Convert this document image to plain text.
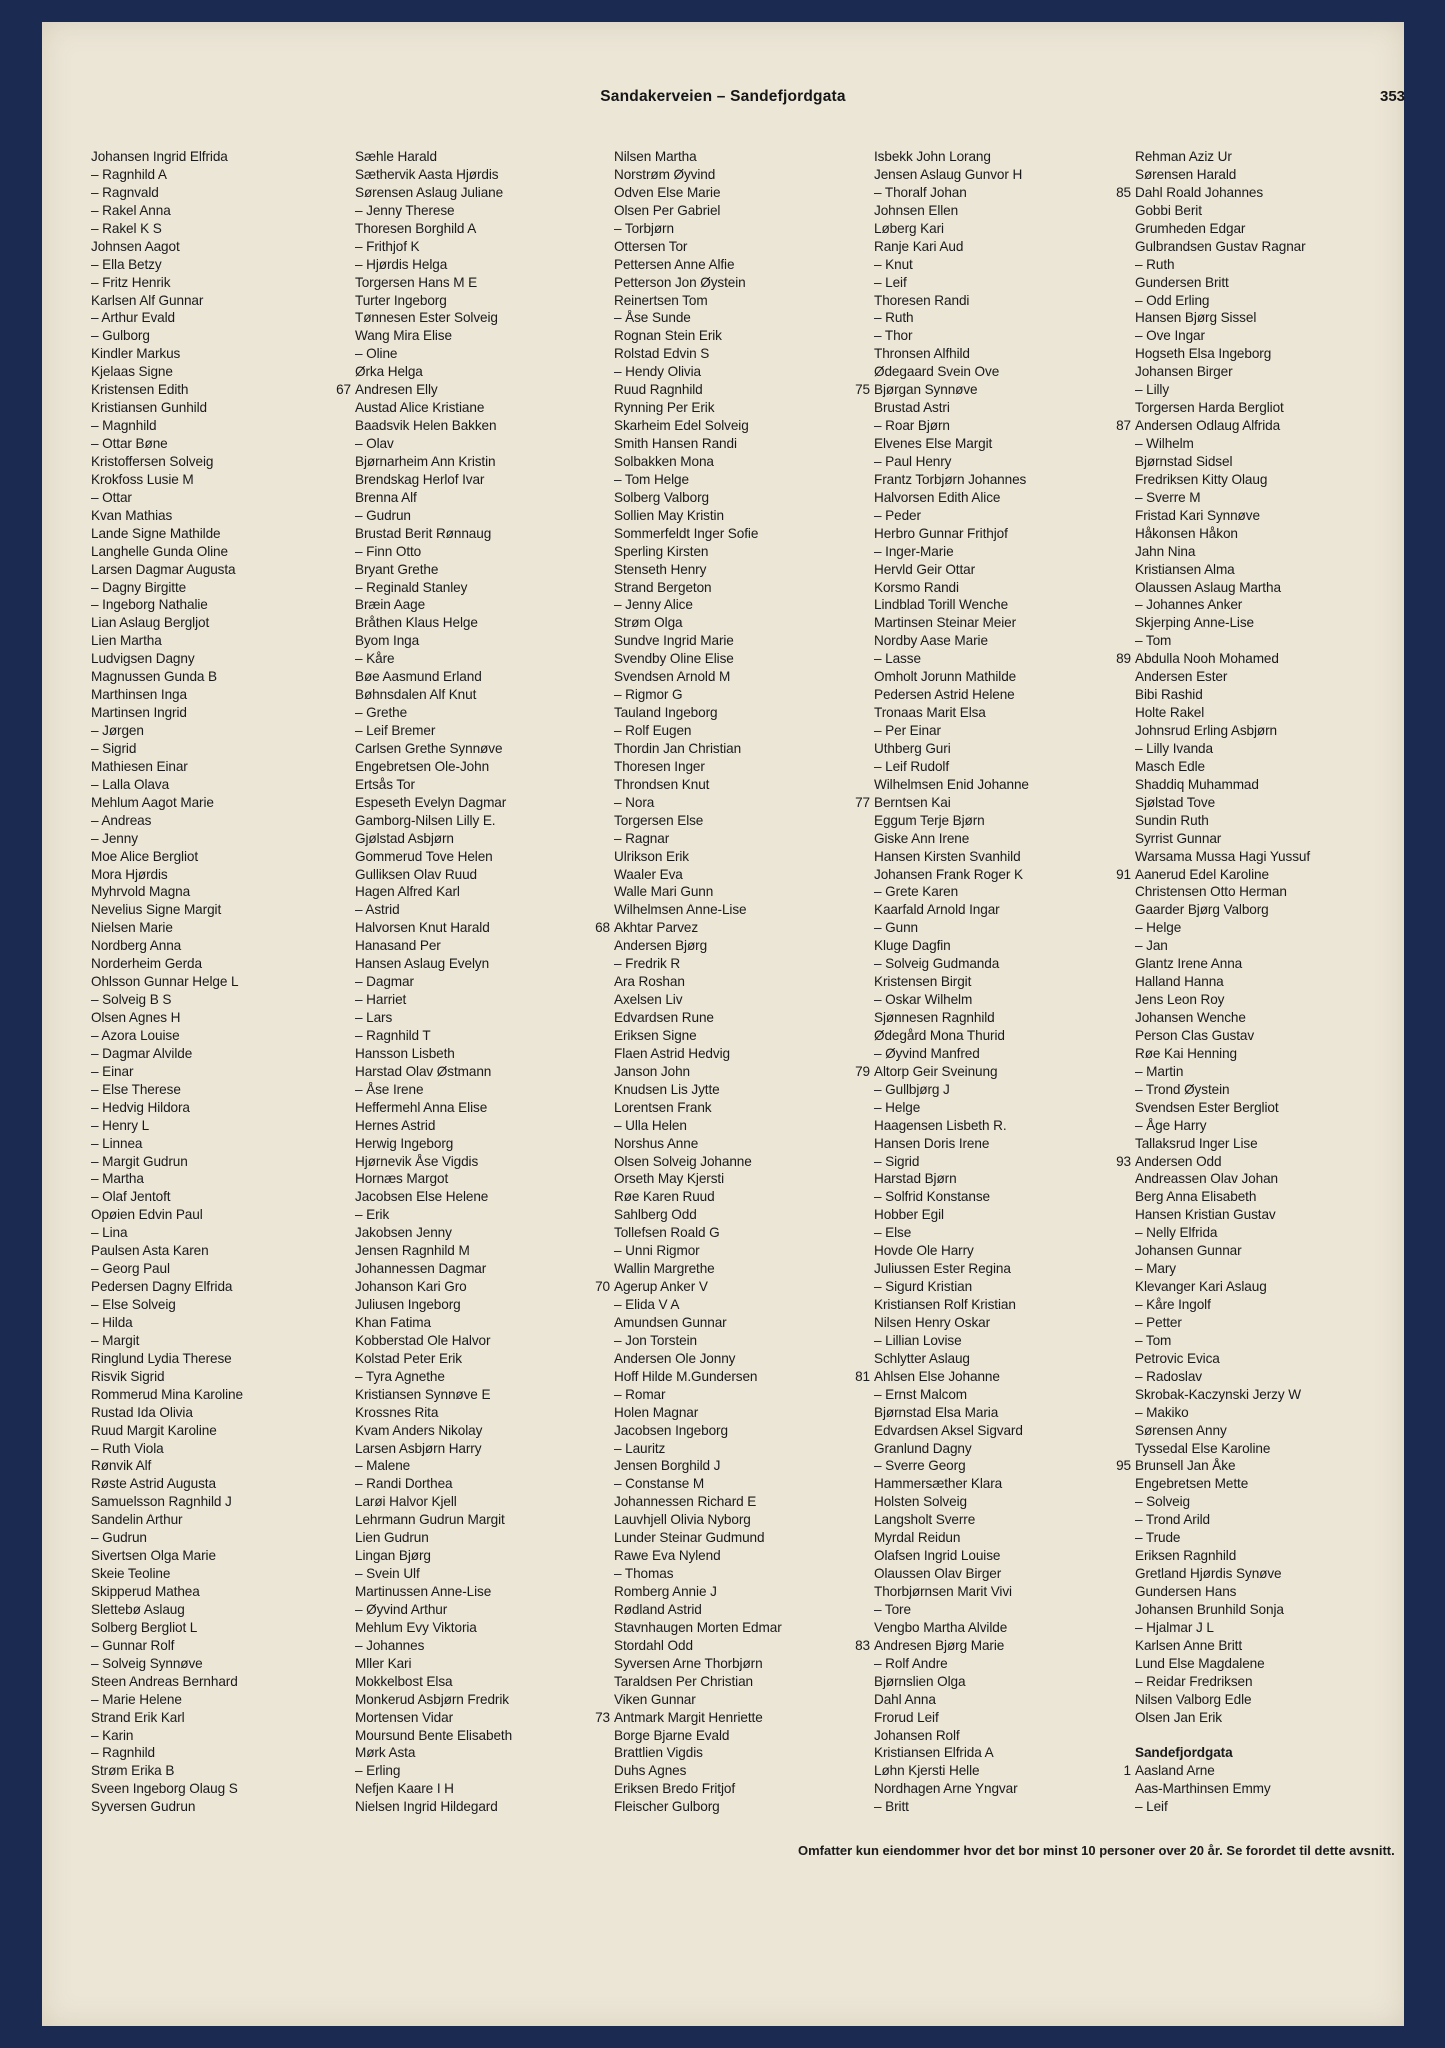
Sandakerveien – Sandefjordgata	353
Johansen Ingrid Elfrida
– Ragnhild A
– Ragnvald
– Rakel Anna
– Rakel K S
Johnsen Aagot
– Ella Betzy
– Fritz Henrik
Karlsen Alf Gunnar
– Arthur Evald
– Gulborg
Kindler Markus
Kjelaas Signe
Kristensen Edith
Kristiansen Gunhild
– Magnhild
– Ottar Bøne
Kristoffersen Solveig
Krokfoss Lusie M
– Ottar
Kvan Mathias
Lande Signe Mathilde
Langhelle Gunda Oline
Larsen Dagmar Augusta
– Dagny Birgitte
– Ingeborg Nathalie
Lian Aslaug Bergljot
Lien Martha
Ludvigsen Dagny
Magnussen Gunda B
Marthinsen Inga
Martinsen Ingrid
– Jørgen
– Sigrid
Mathiesen Einar
– Lalla Olava
Mehlum Aagot Marie
– Andreas
– Jenny
Moe Alice Bergliot
Mora Hjørdis
Myhrvold Magna
Nevelius Signe Margit
Nielsen Marie
Nordberg Anna
Norderheim Gerda
Ohlsson Gunnar Helge L
– Solveig B S
Olsen Agnes H
– Azora Louise
– Dagmar Alvilde
– Einar
– Else Therese
– Hedvig Hildora
– Henry L
– Linnea
– Margit Gudrun
– Martha
– Olaf Jentoft
Opøien Edvin Paul
– Lina
Paulsen Asta Karen
– Georg Paul
Pedersen Dagny Elfrida
– Else Solveig
– Hilda
– Margit
Ringlund Lydia Therese
Risvik Sigrid
Rommerud Mina Karoline
Rustad Ida Olivia
Ruud Margit Karoline
– Ruth Viola
Rønvik Alf
Røste Astrid Augusta
Samuelsson Ragnhild J
Sandelin Arthur
– Gudrun
Sivertsen Olga Marie
Skeie Teoline
Skipperud Mathea
Slettebø Aslaug
Solberg Bergliot L
– Gunnar Rolf
– Solveig Synnøve
Steen Andreas Bernhard
– Marie Helene
Strand Erik Karl
– Karin
– Ragnhild
Strøm Erika B
Sveen Ingeborg Olaug S
Syversen Gudrun
Sæhle Harald
Sæthervik Aasta Hjørdis
Sørensen Aslaug Juliane
– Jenny Therese
Thoresen Borghild A
– Frithjof K
– Hjørdis Helga
Torgersen Hans M E
Turter Ingeborg
Tønnesen Ester Solveig
Wang Mira Elise
– Oline
Ørka Helga
67 Andresen Elly
Austad Alice Kristiane
Baadsvik Helen Bakken
– Olav
Bjørnarheim Ann Kristin
Brendskag Herlof Ivar
Brenna Alf
– Gudrun
Brustad Berit Rønnaug
– Finn Otto
Bryant Grethe
– Reginald Stanley
Bræin Aage
Bråthen Klaus Helge
Byom Inga
– Kåre
Bøe Aasmund Erland
Bøhnsdalen Alf Knut
– Grethe
– Leif Bremer
Carlsen Grethe Synnøve
Engebretsen Ole-John
Ertsås Tor
Espeseth Evelyn Dagmar
Gamborg-Nilsen Lilly E.
Gjølstad Asbjørn
Gommerud Tove Helen
Gulliksen Olav Ruud
Hagen Alfred Karl
– Astrid
Halvorsen Knut Harald
Hanasand Per
Hansen Aslaug Evelyn
– Dagmar
– Harriet
– Lars
– Ragnhild T
Hansson Lisbeth
Harstad Olav Østmann
– Åse Irene
Heffermehl Anna Elise
Hernes Astrid
Herwig Ingeborg
Hjørnevik Åse Vigdis
Hornæs Margot
Jacobsen Else Helene
– Erik
Jakobsen Jenny
Jensen Ragnhild M
Johannessen Dagmar
Johanson Kari Gro
Juliusen Ingeborg
Khan Fatima
Kobberstad Ole Halvor
Kolstad Peter Erik
– Tyra Agnethe
Kristiansen Synnøve E
Krossnes Rita
Kvam Anders Nikolay
Larsen Asbjørn Harry
– Malene
– Randi Dorthea
Larøi Halvor Kjell
Lehrmann Gudrun Margit
Lien Gudrun
Lingan Bjørg
– Svein Ulf
Martinussen Anne-Lise
– Øyvind Arthur
Mehlum Evy Viktoria
– Johannes
Mller Kari
Mokkelbost Elsa
Monkerud Asbjørn Fredrik
Mortensen Vidar
Moursund Bente Elisabeth
Mørk Asta
– Erling
Nefjen Kaare I H
Nielsen Ingrid Hildegard
Nilsen Martha
Norstrøm Øyvind
Odven Else Marie
Olsen Per Gabriel
– Torbjørn
Ottersen Tor
Pettersen Anne Alfie
Petterson Jon Øystein
Reinertsen Tom
– Åse Sunde
Rognan Stein Erik
Rolstad Edvin S
– Hendy Olivia
Ruud Ragnhild
Rynning Per Erik
Skarheim Edel Solveig
Smith Hansen Randi
Solbakken Mona
– Tom Helge
Solberg Valborg
Sollien May Kristin
Sommerfeldt Inger Sofie
Sperling Kirsten
Stenseth Henry
Strand Bergeton
– Jenny Alice
Strøm Olga
Sundve Ingrid Marie
Svendby Oline Elise
Svendsen Arnold M
– Rigmor G
Tauland Ingeborg
– Rolf Eugen
Thordin Jan Christian
Thoresen Inger
Throndsen Knut
– Nora
Torgersen Else
– Ragnar
Ulrikson Erik
Waaler Eva
Walle Mari Gunn
Wilhelmsen Anne-Lise
68 Akhtar Parvez
Andersen Bjørg
– Fredrik R
Ara Roshan
Axelsen Liv
Edvardsen Rune
Eriksen Signe
Flaen Astrid Hedvig
Janson John
Knudsen Lis Jytte
Lorentsen Frank
– Ulla Helen
Norshus Anne
Olsen Solveig Johanne
Orseth May Kjersti
Røe Karen Ruud
Sahlberg Odd
Tollefsen Roald G
– Unni Rigmor
Wallin Margrethe
70 Agerup Anker V
– Elida V A
Amundsen Gunnar
– Jon Torstein
Andersen Ole Jonny
Hoff Hilde M.Gundersen
– Romar
Holen Magnar
Jacobsen Ingeborg
– Lauritz
Jensen Borghild J
– Constanse M
Johannessen Richard E
Lauvhjell Olivia Nyborg
Lunder Steinar Gudmund
Rawe Eva Nylend
– Thomas
Romberg Annie J
Rødland Astrid
Stavnhaugen Morten Edmar
Stordahl Odd
Syversen Arne Thorbjørn
Taraldsen Per Christian
Viken Gunnar
73 Antmark Margit Henriette
Borge Bjarne Evald
Brattlien Vigdis
Duhs Agnes
Eriksen Bredo Fritjof
Fleischer Gulborg
Isbekk John Lorang
Jensen Aslaug Gunvor H
– Thoralf Johan
Johnsen Ellen
Løberg Kari
Ranje Kari Aud
– Knut
– Leif
Thoresen Randi
– Ruth
– Thor
Thronsen Alfhild
Ødegaard Svein Ove
75 Bjørgan Synnøve
Brustad Astri
– Roar Bjørn
Elvenes Else Margit
– Paul Henry
Frantz Torbjørn Johannes
Halvorsen Edith Alice
– Peder
Herbro Gunnar Frithjof
– Inger-Marie
Hervld Geir Ottar
Korsmo Randi
Lindblad Torill Wenche
Martinsen Steinar Meier
Nordby Aase Marie
– Lasse
Omholt Jorunn Mathilde
Pedersen Astrid Helene
Tronaas Marit Elsa
– Per Einar
Uthberg Guri
– Leif Rudolf
Wilhelmsen Enid Johanne
77 Berntsen Kai
Eggum Terje Bjørn
Giske Ann Irene
Hansen Kirsten Svanhild
Johansen Frank Roger K
– Grete Karen
Kaarfald Arnold Ingar
– Gunn
Kluge Dagfin
– Solveig Gudmanda
Kristensen Birgit
– Oskar Wilhelm
Sjønnesen Ragnhild
Ødegård Mona Thurid
– Øyvind Manfred
79 Altorp Geir Sveinung
– Gullbjørg J
– Helge
Haagensen Lisbeth R.
Hansen Doris Irene
– Sigrid
Harstad Bjørn
– Solfrid Konstanse
Hobber Egil
– Else
Hovde Ole Harry
Juliussen Ester Regina
– Sigurd Kristian
Kristiansen Rolf Kristian
Nilsen Henry Oskar
– Lillian Lovise
Schlytter Aslaug
81 Ahlsen Else Johanne
– Ernst Malcom
Bjørnstad Elsa Maria
Edvardsen Aksel Sigvard
Granlund Dagny
– Sverre Georg
Hammersæther Klara
Holsten Solveig
Langsholt Sverre
Myrdal Reidun
Olafsen Ingrid Louise
Olaussen Olav Birger
Thorbjørnsen Marit Vivi
– Tore
Vengbo Martha Alvilde
83 Andresen Bjørg Marie
– Rolf Andre
Bjørnslien Olga
Dahl Anna
Frorud Leif
Johansen Rolf
Kristiansen Elfrida A
Løhn Kjersti Helle
Nordhagen Arne Yngvar
– Britt
Rehman Aziz Ur
Sørensen Harald
85 Dahl Roald Johannes
Gobbi Berit
Grumheden Edgar
Gulbrandsen Gustav Ragnar
– Ruth
Gundersen Britt
– Odd Erling
Hansen Bjørg Sissel
– Ove Ingar
Hogseth Elsa Ingeborg
Johansen Birger
– Lilly
Torgersen Harda Bergliot
87 Andersen Odlaug Alfrida
– Wilhelm
Bjørnstad Sidsel
Fredriksen Kitty Olaug
– Sverre M
Fristad Kari Synnøve
Håkonsen Håkon
Jahn Nina
Kristiansen Alma
Olaussen Aslaug Martha
– Johannes Anker
Skjerping Anne-Lise
– Tom
89 Abdulla Nooh Mohamed
Andersen Ester
Bibi Rashid
Holte Rakel
Johnsrud Erling Asbjørn
– Lilly Ivanda
Masch Edle
Shaddiq Muhammad
Sjølstad Tove
Sundin Ruth
Syrrist Gunnar
Warsama Mussa Hagi Yussuf
91 Aanerud Edel Karoline
Christensen Otto Herman
Gaarder Bjørg Valborg
– Helge
– Jan
Glantz Irene Anna
Halland Hanna
Jens Leon Roy
Johansen Wenche
Person Clas Gustav
Røe Kai Henning
– Martin
– Trond Øystein
Svendsen Ester Bergliot
– Åge Harry
Tallaksrud Inger Lise
93 Andersen Odd
Andreassen Olav Johan
Berg Anna Elisabeth
Hansen Kristian Gustav
– Nelly Elfrida
Johansen Gunnar
– Mary
Klevanger Kari Aslaug
– Kåre Ingolf
– Petter
– Tom
Petrovic Evica
– Radoslav
Skrobak-Kaczynski Jerzy W
– Makiko
Sørensen Anny
Tyssedal Else Karoline
95 Brunsell Jan Åke
Engebretsen Mette
– Solveig
– Trond Arild
– Trude
Eriksen Ragnhild
Gretland Hjørdis Synøve
Gundersen Hans
Johansen Brunhild Sonja
– Hjalmar J L
Karlsen Anne Britt
Lund Else Magdalene
– Reidar Fredriksen
Nilsen Valborg Edle
Olsen Jan Erik
Sandefjordgata
1 Aasland Arne
Aas-Marthinsen Emmy
– Leif
Omfatter kun eiendommer hvor det bor minst 10 personer over 20 år. Se forordet til dette avsnitt.
